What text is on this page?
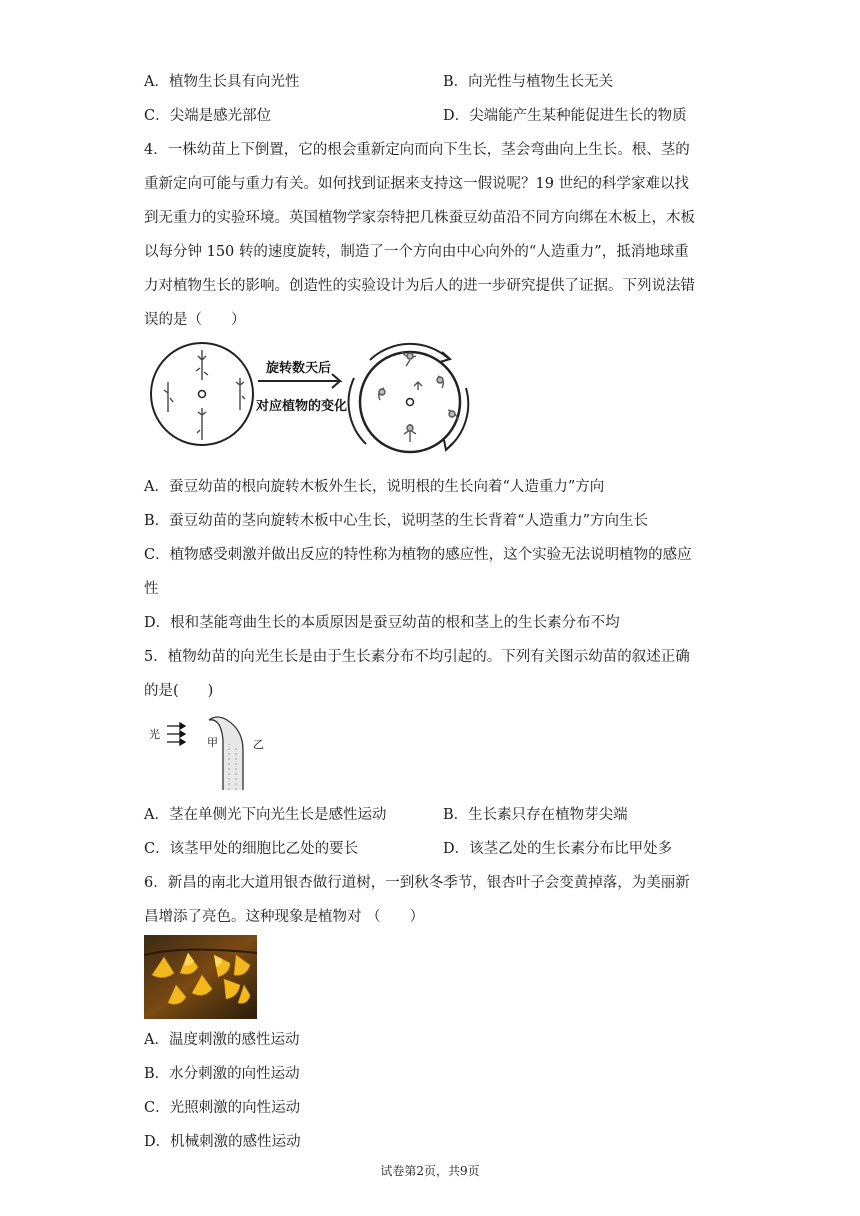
A．植物生长具有向光性	B．向光性与植物生长无关
C．尖端是感光部位	D．尖端能产生某种能促进生长的物质
4．一株幼苗上下倒置，它的根会重新定向而向下生长，茎会弯曲向上生长。根、茎的
重新定向可能与重力有关。如何找到证据来支持这一假说呢？19 世纪的科学家难以找
到无重力的实验环境。英国植物学家奈特把几株蚕豆幼苗沿不同方向绑在木板上，木板
以每分钟 150 转的速度旋转，制造了一个方向由中心向外的“人造重力”，抵消地球重
力对植物生长的影响。创造性的实验设计为后人的进一步研究提供了证据。下列说法错
误的是（　　）
旋转数天后
对应植物的变化
A．蚕豆幼苗的根向旋转木板外生长，说明根的生长向着“人造重力”方向
B．蚕豆幼苗的茎向旋转木板中心生长，说明茎的生长背着“人造重力”方向生长
C．植物感受刺激并做出反应的特性称为植物的感应性，这个实验无法说明植物的感应
性
D．根和茎能弯曲生长的本质原因是蚕豆幼苗的根和茎上的生长素分布不均
5．植物幼苗的向光生长是由于生长素分布不均引起的。下列有关图示幼苗的叙述正确
的是(　　)
光
甲	乙
A．茎在单侧光下向光生长是感性运动	B．生长素只存在植物芽尖端
C．该茎甲处的细胞比乙处的要长	D．该茎乙处的生长素分布比甲处多
6．新昌的南北大道用银杏做行道树，一到秋冬季节，银杏叶子会变黄掉落，为美丽新
昌增添了亮色。这种现象是植物对 （　　）
A．温度刺激的感性运动
B．水分刺激的向性运动
C．光照刺激的向性运动
D．机械刺激的感性运动
试卷第2页，共9页
